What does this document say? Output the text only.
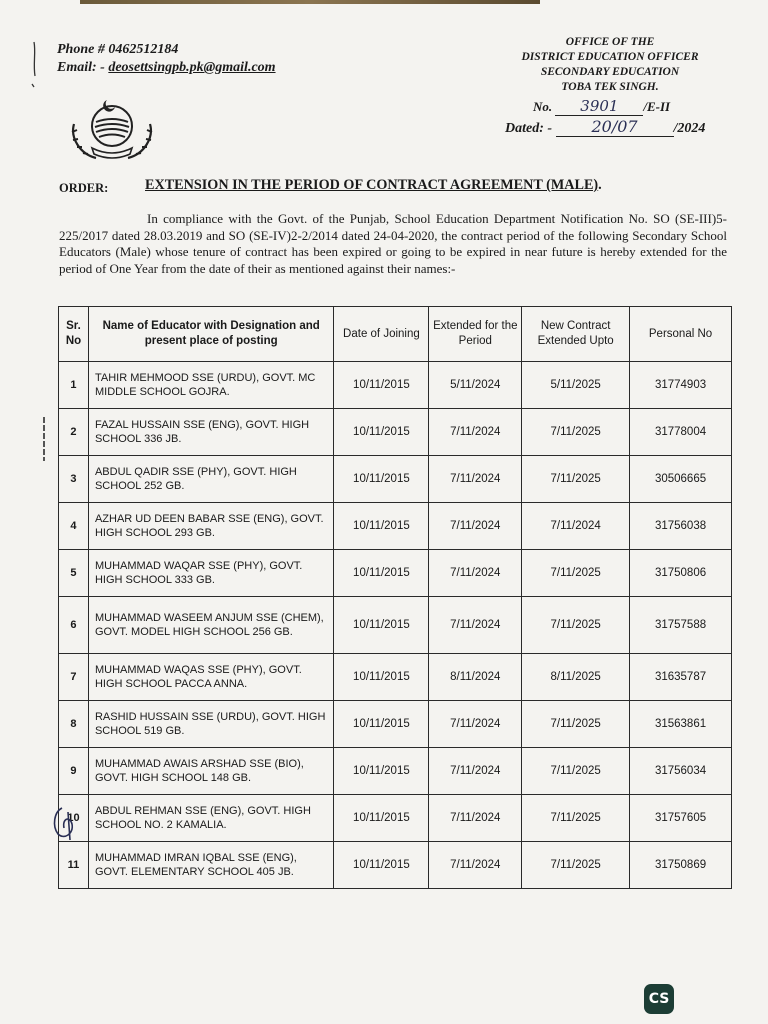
Phone # 0462512184
Email: - deosettsingpb.pk@gmail.com
OFFICE OF THE
DISTRICT EDUCATION OFFICER
SECONDARY EDUCATION
TOBA TEK SINGH.
No. 3901 /E-II
Dated: - 20/07	/2024
ORDER:	EXTENSION IN THE PERIOD OF CONTRACT AGREEMENT (MALE).
In compliance with the Govt. of the Punjab, School Education Department Notification No. SO (SE-III)5-225/2017 dated 28.03.2019 and SO (SE-IV)2-2/2014 dated 24-04-2020, the contract period of the following Secondary School Educators (Male) whose tenure of contract has been expired or going to be expired in near future is hereby extended for the period of One Year from the date of their as mentioned against their names:-
Sr. No	Name of Educator with Designation and present place of posting	Date of Joining	Extended for the Period	New Contract Extended Upto	Personal No
1	TAHIR MEHMOOD SSE (URDU), GOVT. MC MIDDLE SCHOOL GOJRA.	10/11/2015	5/11/2024	5/11/2025	31774903
2	FAZAL HUSSAIN SSE (ENG), GOVT. HIGH SCHOOL 336 JB.	10/11/2015	7/11/2024	7/11/2025	31778004
3	ABDUL QADIR SSE (PHY), GOVT. HIGH SCHOOL 252 GB.	10/11/2015	7/11/2024	7/11/2025	30506665
4	AZHAR UD DEEN BABAR SSE (ENG), GOVT. HIGH SCHOOL 293 GB.	10/11/2015	7/11/2024	7/11/2024	31756038
5	MUHAMMAD WAQAR SSE (PHY), GOVT. HIGH SCHOOL 333 GB.	10/11/2015	7/11/2024	7/11/2025	31750806
6	MUHAMMAD WASEEM ANJUM SSE (CHEM), GOVT. MODEL HIGH SCHOOL 256 GB.	10/11/2015	7/11/2024	7/11/2025	31757588
7	MUHAMMAD WAQAS SSE (PHY), GOVT. HIGH SCHOOL PACCA ANNA.	10/11/2015	8/11/2024	8/11/2025	31635787
8	RASHID HUSSAIN SSE (URDU), GOVT. HIGH SCHOOL 519 GB.	10/11/2015	7/11/2024	7/11/2025	31563861
9	MUHAMMAD AWAIS ARSHAD SSE (BIO), GOVT. HIGH SCHOOL 148 GB.	10/11/2015	7/11/2024	7/11/2025	31756034
10	ABDUL REHMAN SSE (ENG), GOVT. HIGH SCHOOL NO. 2 KAMALIA.	10/11/2015	7/11/2024	7/11/2025	31757605
11	MUHAMMAD IMRAN IQBAL SSE (ENG), GOVT. ELEMENTARY SCHOOL 405 JB.	10/11/2015	7/11/2024	7/11/2025	31750869
CS
